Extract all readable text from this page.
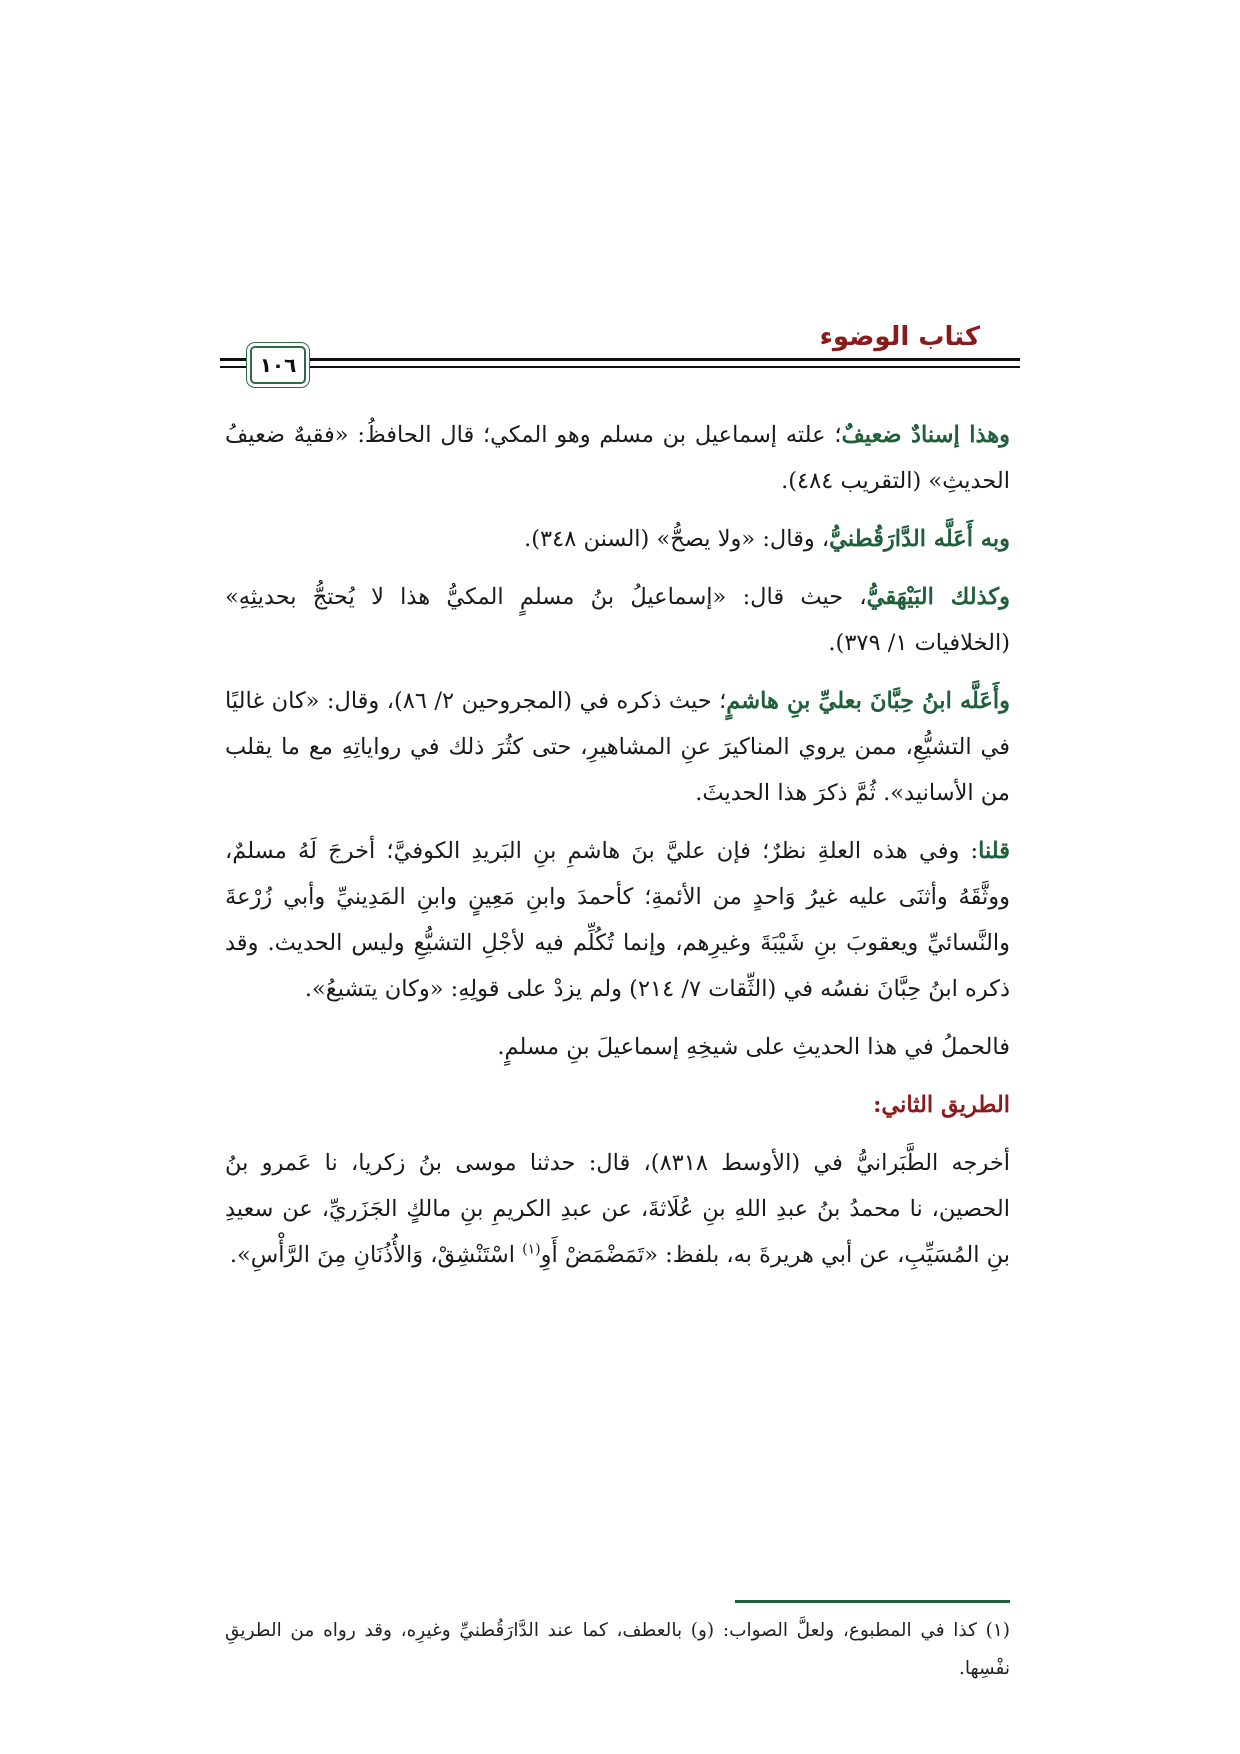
١٠٦
كتاب الوضوء

وهذا إسنادٌ ضعيفٌ؛ علته إسماعيل بن مسلم وهو المكي؛ قال الحافظُ: «فقيهٌ ضعيفُ الحديثِ» (التقريب ٤٨٤).

وبه أَعَلَّه الدَّارَقُطنيُّ، وقال: «ولا يصحُّ» (السنن ٣٤٨).

وكذلك البَيْهَقيُّ، حيث قال: «إسماعيلُ بنُ مسلمٍ المكيُّ هذا لا يُحتجُّ بحديثِهِ» (الخلافيات ١/ ٣٧٩).

وأَعَلَّه ابنُ حِبَّانَ بعليِّ بنِ هاشمٍ؛ حيث ذكره في (المجروحين ٢/ ٨٦)، وقال: «كان غاليًا في التشيُّعِ، ممن يروي المناكيرَ عنِ المشاهيرِ، حتى كثُرَ ذلك في رواياتِهِ مع ما يقلب من الأسانيد». ثُمَّ ذكرَ هذا الحديثَ.

قلنا: وفي هذه العلةِ نظرٌ؛ فإن عليَّ بنَ هاشمِ بنِ البَريدِ الكوفيَّ؛ أخرجَ لَهُ مسلمٌ، ووثَّقَهُ وأثنَى عليه غيرُ وَاحدٍ من الأئمةِ؛ كأحمدَ وابنِ مَعِينٍ وابنِ المَدِينيِّ وأبي زُرْعةَ والنَّسائيِّ ويعقوبَ بنِ شَيْبَةَ وغيرِهم، وإنما تُكُلِّم فيه لأجْلِ التشيُّعِ وليس الحديث. وقد ذكره ابنُ حِبَّانَ نفسُه في (الثِّقات ٧/ ٢١٤) ولم يزدْ على قولِهِ: «وكان يتشيعُ».

فالحملُ في هذا الحديثِ على شيخِهِ إسماعيلَ بنِ مسلمٍ.

الطريق الثاني:

أخرجه الطَّبَرانيُّ في (الأوسط ٨٣١٨)، قال: حدثنا موسى بنُ زكريا، نا عَمرو بنُ الحصين، نا محمدُ بنُ عبدِ اللهِ بنِ عُلَاثةَ، عن عبدِ الكريمِ بنِ مالكٍ الجَزَريِّ، عن سعيدِ بنِ المُسَيِّبِ، عن أبي هريرةَ به، بلفظ: «تَمَضْمَضْ أَوِ$^{(١)}$ اسْتَنْشِقْ، وَالأُذُنَانِ مِنَ الرَّأْسِ».

(١) كذا في المطبوع، ولعلَّ الصواب: (و) بالعطف، كما عند الدَّارَقُطنيِّ وغيرِه، وقد رواه من الطريقِ نفْسِها.
